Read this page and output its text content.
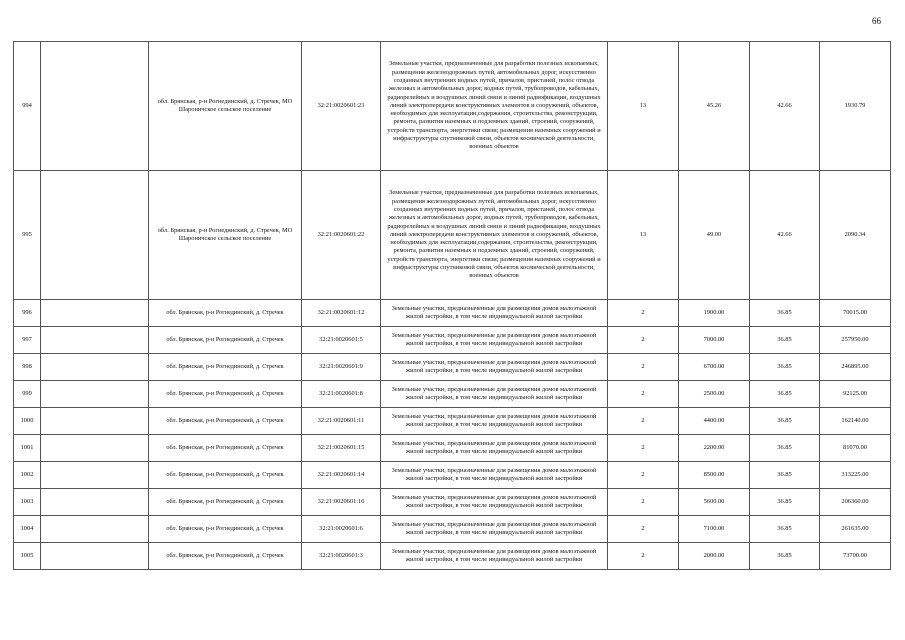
66
994		обл. Брянская, р-н Рогнединский, д. Стречек, МО Шароничское сельское поселение	32:21:0020601:23	Земельные участки, предназначенные для разработки полезных ископаемых, размещения железнодорожных путей, автомобильных дорог, искусственно созданных внутренних водных путей, причалов, пристаней, полос отвода железных и автомобильных дорог, водных путей, трубопроводов, кабельных, радиорелейных и воздушных линий связи и линий радиофикации, воздушных линий электропередачи конструктивных элементов и сооружений, объектов, необходимых для эксплуатации,содержания, строительства, реконструкции, ремонта, развития наземных и подземных зданий, строений, сооружений, устройств транспорта, энергетики связи; размещения наземных сооружений и инфраструктуры спутниковой связи, объектов космической деятельности, военных объектов	13	45.26	42.66	1930.79
995		обл. Брянская, р-н Рогнединский, д. Стречек, МО Шароничское сельское поселение	32:21:0020601:22	Земельные участки, предназначенные для разработки полезных ископаемых, размещения железнодорожных путей, автомобильных дорог, искусственно созданных внутренних водных путей, причалов, пристаней, полос отвода железных и автомобильных дорог, водных путей, трубопроводов, кабельных, радиорелейных и воздушных линий связи и линий радиофикации, воздушных линий электропередачи конструктивных элементов и сооружений, объектов, необходимых для эксплуатации,содержания, строительства, реконструкции, ремонта, развития наземных и подземных зданий, строений, сооружений, устройств транспорта, энергетики связи; размещения наземных сооружений и инфраструктуры спутниковой связи, объектов космической деятельности, военных объектов	13	49.00	42.66	2090.34
996		обл. Брянская, р-н Рогнединский, д. Стречек	32:21:0020601:12	Земельные участки, предназначенные для размещения домов малоэтажной жилой застройки, в том числе индивидуальной жилой застройки	2	1900.00	36.85	70015.00
997		обл. Брянская, р-н Рогнединский, д. Стречек	32:21:0020601:5	Земельные участки, предназначенные для размещения домов малоэтажной жилой застройки, в том числе индивидуальной жилой застройки	2	7000.00	36.85	257950.00
998		обл. Брянская, р-н Рогнединский, д. Стречек	32:21:0020601:9	Земельные участки, предназначенные для размещения домов малоэтажной жилой застройки, в том числе индивидуальной жилой застройки	2	6700.00	36.85	246895.00
999		обл. Брянская, р-н Рогнединский, д. Стречек	32:21:0020601:8	Земельные участки, предназначенные для размещения домов малоэтажной жилой застройки, в том числе индивидуальной жилой застройки	2	2500.00	36.85	92125.00
1000		обл. Брянская, р-н Рогнединский, д. Стречек	32:21:0020601:11	Земельные участки, предназначенные для размещения домов малоэтажной жилой застройки, в том числе индивидуальной жилой застройки	2	4400.00	36.85	162140.00
1001		обл. Брянская, р-н Рогнединский, д. Стречек	32:21:0020601:15	Земельные участки, предназначенные для размещения домов малоэтажной жилой застройки, в том числе индивидуальной жилой застройки	2	2200.00	36.85	81070.00
1002		обл. Брянская, р-н Рогнединский, д. Стречек	32:21:0020601:14	Земельные участки, предназначенные для размещения домов малоэтажной жилой застройки, в том числе индивидуальной жилой застройки	2	8500.00	36.85	313225.00
1003		обл. Брянская, р-н Рогнединский, д. Стречек	32:21:0020601:16	Земельные участки, предназначенные для размещения домов малоэтажной жилой застройки, в том числе индивидуальной жилой застройки	2	5600.00	36.85	206360.00
1004		обл. Брянская, р-н Рогнединский, д. Стречек	32:21:0020601:6	Земельные участки, предназначенные для размещения домов малоэтажной жилой застройки, в том числе индивидуальной жилой застройки	2	7100.00	36.85	261635.00
1005		обл. Брянская, р-н Рогнединский, д. Стречек	32:21:0020601:3	Земельные участки, предназначенные для размещения домов малоэтажной жилой застройки, в том числе индивидуальной жилой застройки	2	2000.00	36.85	73700.00
